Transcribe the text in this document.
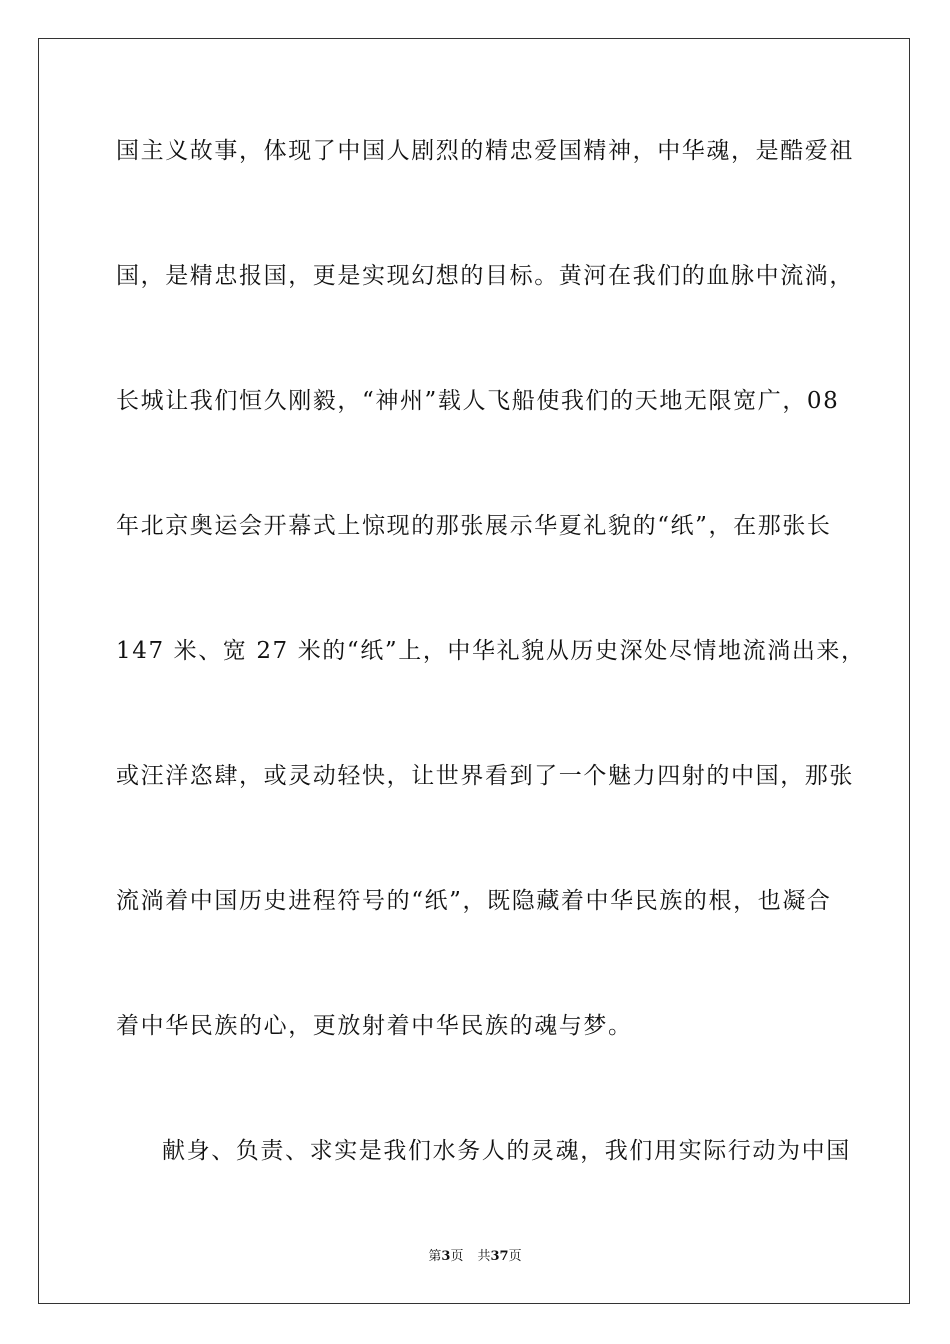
国主义故事，体现了中国人剧烈的精忠爱国精神，中华魂，是酷爱祖
国，是精忠报国，更是实现幻想的目标。黄河在我们的血脉中流淌，
长城让我们恒久刚毅，“神州”载人飞船使我们的天地无限宽广，08
年北京奥运会开幕式上惊现的那张展示华夏礼貌的“纸”，在那张长
147 米、宽 27 米的“纸”上，中华礼貌从历史深处尽情地流淌出来，
或汪洋恣肆，或灵动轻快，让世界看到了一个魅力四射的中国，那张
流淌着中国历史进程符号的“纸”，既隐藏着中华民族的根，也凝合
着中华民族的心，更放射着中华民族的魂与梦。
献身、负责、求实是我们水务人的灵魂，我们用实际行动为中国
第3页 共37页
